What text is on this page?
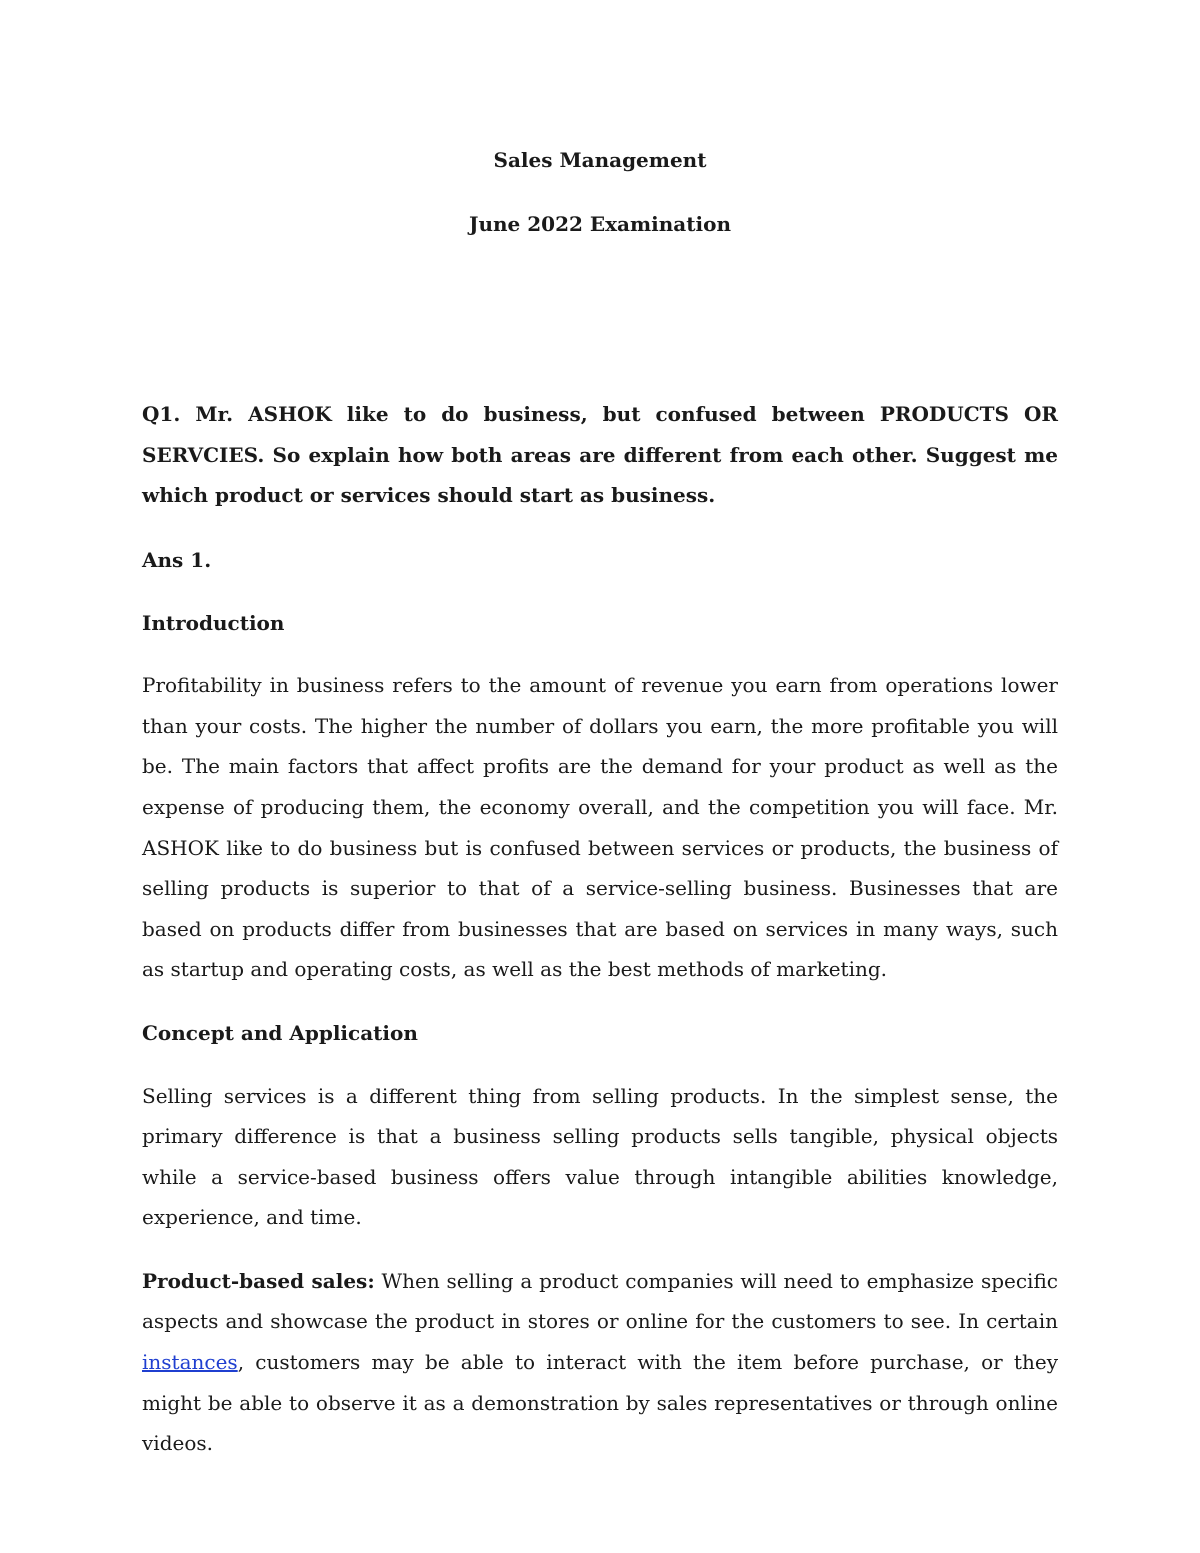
Sales Management

June 2022 Examination

Q1. Mr. ASHOK like to do business, but confused between PRODUCTS OR SERVCIES. So explain how both areas are different from each other. Suggest me which product or services should start as business.

Ans 1.

Introduction

Profitability in business refers to the amount of revenue you earn from operations lower than your costs. The higher the number of dollars you earn, the more profitable you will be. The main factors that affect profits are the demand for your product as well as the expense of producing them, the economy overall, and the competition you will face. Mr. ASHOK like to do business but is confused between services or products, the business of selling products is superior to that of a service-selling business. Businesses that are based on products differ from businesses that are based on services in many ways, such as startup and operating costs, as well as the best methods of marketing.

Concept and Application

Selling services is a different thing from selling products. In the simplest sense, the primary difference is that a business selling products sells tangible, physical objects while a service-based business offers value through intangible abilities knowledge, experience, and time.

Product-based sales: When selling a product companies will need to emphasize specific aspects and showcase the product in stores or online for the customers to see. In certain instances, customers may be able to interact with the item before purchase, or they might be able to observe it as a demonstration by sales representatives or through online videos.
